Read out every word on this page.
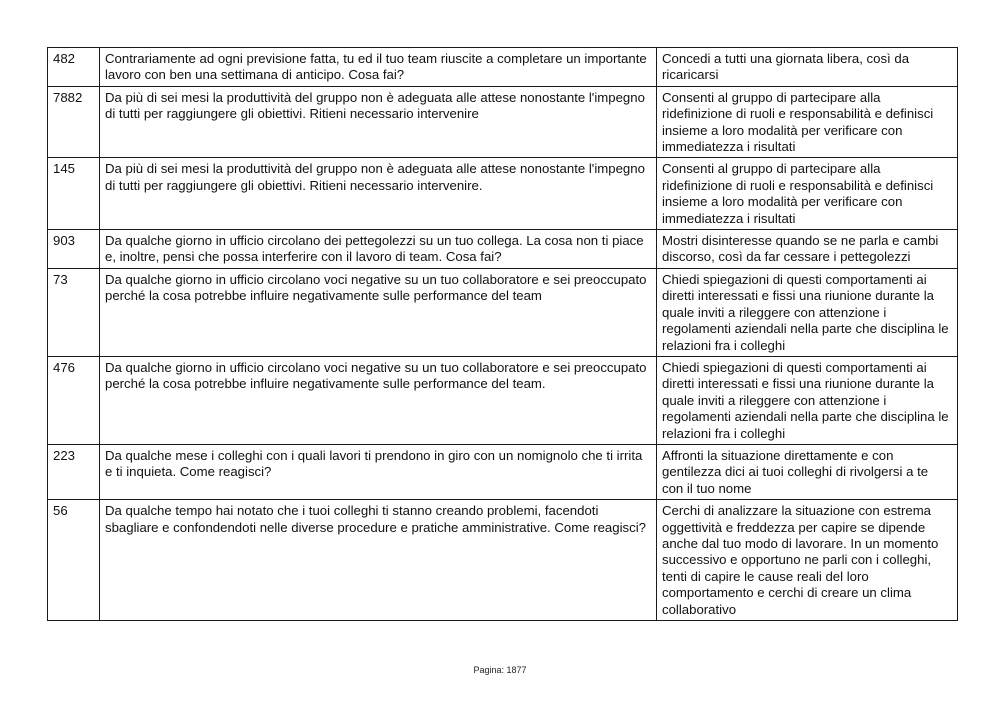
482	Contrariamente ad ogni previsione fatta, tu ed il tuo team riuscite a completare un importante lavoro con ben una settimana di anticipo. Cosa fai?	Concedi a tutti una giornata libera, così da ricaricarsi
7882	Da più di sei mesi la produttività del gruppo non è adeguata alle attese nonostante l'impegno di tutti per raggiungere gli obiettivi. Ritieni necessario intervenire	Consenti al gruppo di partecipare alla ridefinizione di ruoli e responsabilità e definisci insieme a loro modalità per verificare con immediatezza i risultati
145	Da più di sei mesi la produttività del gruppo non è adeguata alle attese nonostante l'impegno di tutti per raggiungere gli obiettivi. Ritieni necessario intervenire.	Consenti al gruppo di partecipare alla ridefinizione di ruoli e responsabilità e definisci insieme a loro modalità per verificare con immediatezza i risultati
903	Da qualche giorno in ufficio circolano dei pettegolezzi su un tuo collega. La cosa non ti piace e, inoltre, pensi che possa interferire con il lavoro di team. Cosa fai?	Mostri disinteresse quando se ne parla e cambi discorso, così da far cessare i pettegolezzi
73	Da qualche giorno in ufficio circolano voci negative su un tuo collaboratore e sei preoccupato perché la cosa potrebbe influire negativamente sulle performance del team	Chiedi spiegazioni di questi comportamenti ai diretti interessati e fissi una riunione durante la quale inviti a rileggere con attenzione i regolamenti aziendali nella parte che disciplina le relazioni fra i colleghi
476	Da qualche giorno in ufficio circolano voci negative su un tuo collaboratore e sei preoccupato perché la cosa potrebbe influire negativamente sulle performance del team.	Chiedi spiegazioni di questi comportamenti ai diretti interessati e fissi una riunione durante la quale inviti a rileggere con attenzione i regolamenti aziendali nella parte che disciplina le relazioni fra i colleghi
223	Da qualche mese i colleghi con i quali lavori ti prendono in giro con un nomignolo che ti irrita e ti inquieta. Come reagisci?	Affronti la situazione direttamente e con gentilezza dici ai tuoi colleghi di rivolgersi a te con il tuo nome
56	Da qualche tempo hai notato che i tuoi colleghi ti stanno creando problemi, facendoti sbagliare e confondendoti nelle diverse procedure e pratiche amministrative. Come reagisci?	Cerchi di analizzare la situazione con estrema oggettività e freddezza per capire se dipende anche dal tuo modo di lavorare. In un momento successivo e opportuno ne parli con i colleghi, tenti di capire le cause reali del loro comportamento e cerchi di creare un clima collaborativo
Pagina: 1877
